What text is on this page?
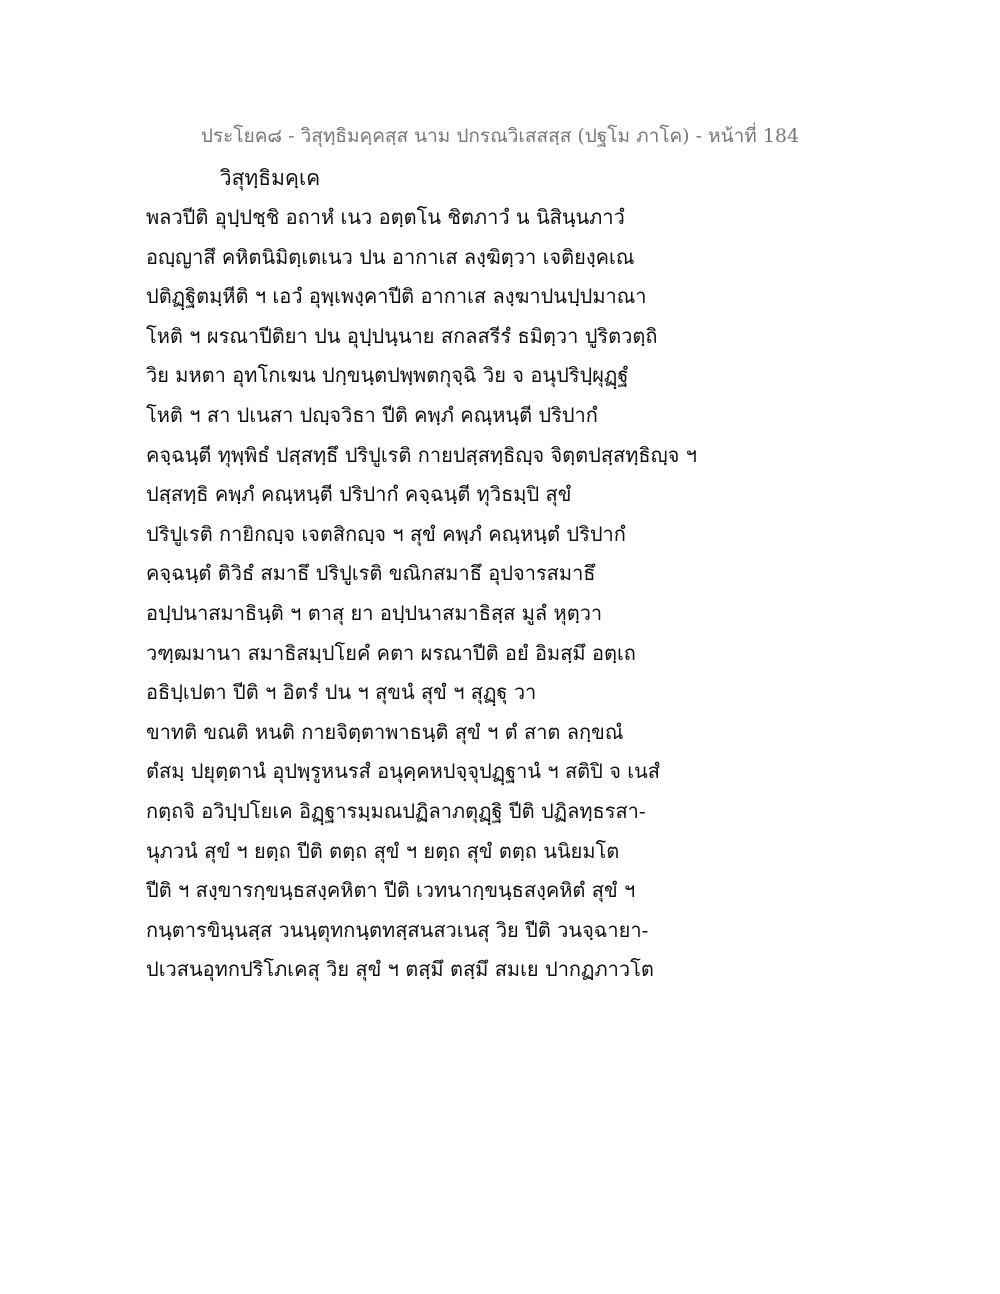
ประโยค๘ - วิสุทฺธิมคฺคสฺส นาม ปกรณวิเสสสฺส (ปฐโม ภาโค) - หน้าที่ 184
วิสุทฺธิมคฺเค
พลวปีติ อุปฺปชฺชิ อถาหํ เนว อตฺตโน ชิตภาวํ น นิสินฺนภาวํ
อญฺญาสึ คหิตนิมิตฺเตเนว ปน อากาเส ลงฺฆิตฺวา เจติยงฺคเณ
ปติฏฺฐิตมฺหีติ ฯ เอวํ อุพฺเพงฺคาปีติ อากาเส ลงฺฆาปนปฺปมาณา
โหติ ฯ ผรณาปีติยา ปน อุปฺปนฺนาย สกลสรีรํ ธมิตฺวา ปูริตวตฺถิ
วิย มหตา อุทโกเฆน ปกฺขนฺตปพฺพตกุจฺฉิ วิย จ อนุปริปฺผุฏฺฐํ
โหติ ฯ สา ปเนสา ปญฺจวิธา ปีติ คพฺภํ คณฺหนฺตี ปริปากํ
คจฺฉนฺตี ทุพฺพิธํ ปสฺสทฺธึ ปริปูเรติ กายปสฺสทฺธิญฺจ จิตฺตปสฺสทฺธิญฺจ ฯ
ปสฺสทฺธิ คพฺภํ คณฺหนฺตี ปริปากํ คจฺฉนฺตี ทุวิธมฺปิ สุขํ
ปริปูเรติ กายิกญฺจ เจตสิกญฺจ ฯ สุขํ คพฺภํ คณฺหนฺตํ ปริปากํ
คจฺฉนฺตํ ติวิธํ สมาธึ ปริปูเรติ ขณิกสมาธึ อุปจารสมาธึ
อปฺปนาสมาธินฺติ ฯ ตาสุ ยา อปฺปนาสมาธิสฺส มูลํ หุตฺวา
วฑฺฒมานา สมาธิสมฺปโยคํ คตา ผรณาปีติ อยํ อิมสฺมึ อตฺเถ
อธิปฺเปตา ปีติ ฯ อิตรํ ปน ฯ สุขนํ สุขํ ฯ สุฏฺฐุ วา
ขาทติ ขณติ หนติ กายจิตฺตาพาธนฺติ สุขํ ฯ ตํ สาต ลกฺขณํ
ตํสมฺ ปยุตฺตานํ อุปพฺรูหนรสํ อนุคฺคหปจฺจุปฏฺฐานํ ฯ สติปิ จ เนสํ
กตฺถจิ อวิปฺปโยเค อิฏฺฐารมฺมณปฏิลาภตุฏฺฐิ ปีติ ปฏิลทฺธรสา-
นุภวนํ สุขํ ฯ ยตฺถ ปีติ ตตฺถ สุขํ ฯ ยตฺถ สุขํ ตตฺถ นนิยมโต
ปีติ ฯ สงฺขารกฺขนฺธสงฺคหิตา ปีติ เวทนากฺขนฺธสงฺคหิตํ สุขํ ฯ
กนฺตารขินฺนสฺส วนนฺตุทกนฺตทสฺสนสวเนสุ วิย ปีติ วนจฺฉายา-
ปเวสนอุทกปริโภเคสุ วิย สุขํ ฯ ตสฺมึ ตสฺมึ สมเย ปากฏภาวโต
